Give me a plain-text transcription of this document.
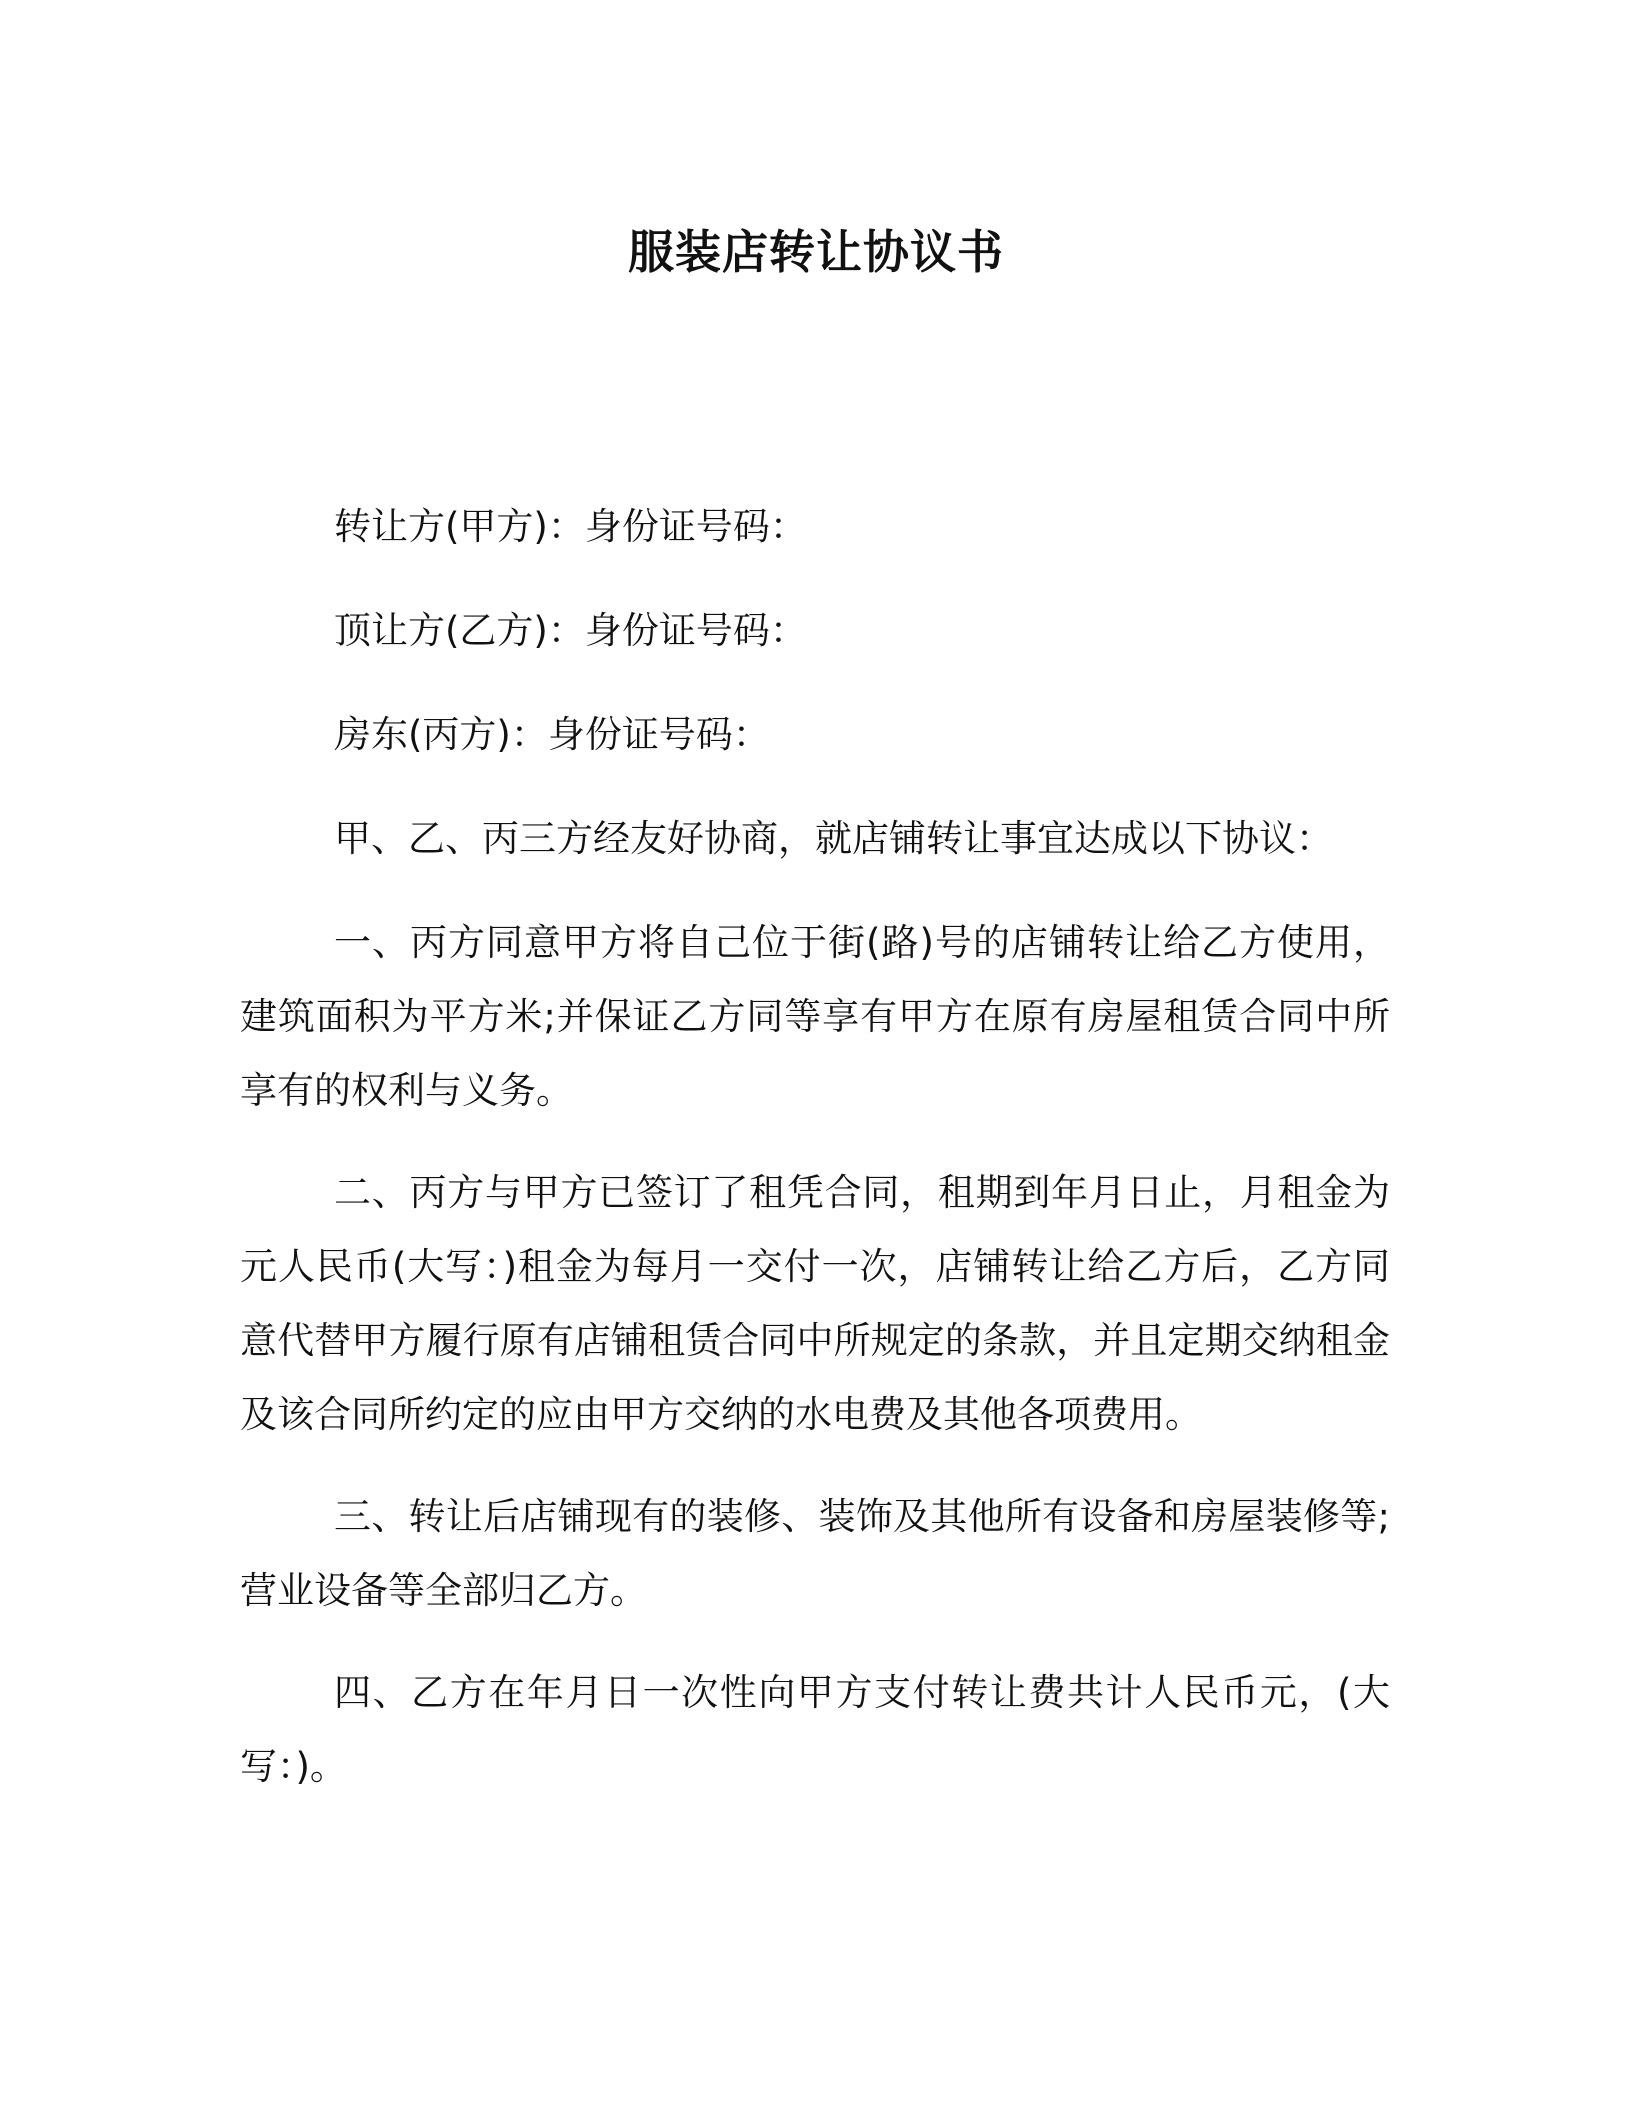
服装店转让协议书

转让方(甲方)：身份证号码：

顶让方(乙方)：身份证号码：

房东(丙方)：身份证号码：

甲、乙、丙三方经友好协商，就店铺转让事宜达成以下协议：

一、丙方同意甲方将自己位于街(路)号的店铺转让给乙方使用，建筑面积为平方米;并保证乙方同等享有甲方在原有房屋租赁合同中所享有的权利与义务。

二、丙方与甲方已签订了租凭合同，租期到年月日止，月租金为元人民币(大写：)租金为每月一交付一次，店铺转让给乙方后，乙方同意代替甲方履行原有店铺租赁合同中所规定的条款，并且定期交纳租金及该合同所约定的应由甲方交纳的水电费及其他各项费用。

三、转让后店铺现有的装修、装饰及其他所有设备和房屋装修等;营业设备等全部归乙方。

四、乙方在年月日一次性向甲方支付转让费共计人民币元，(大写：)。
